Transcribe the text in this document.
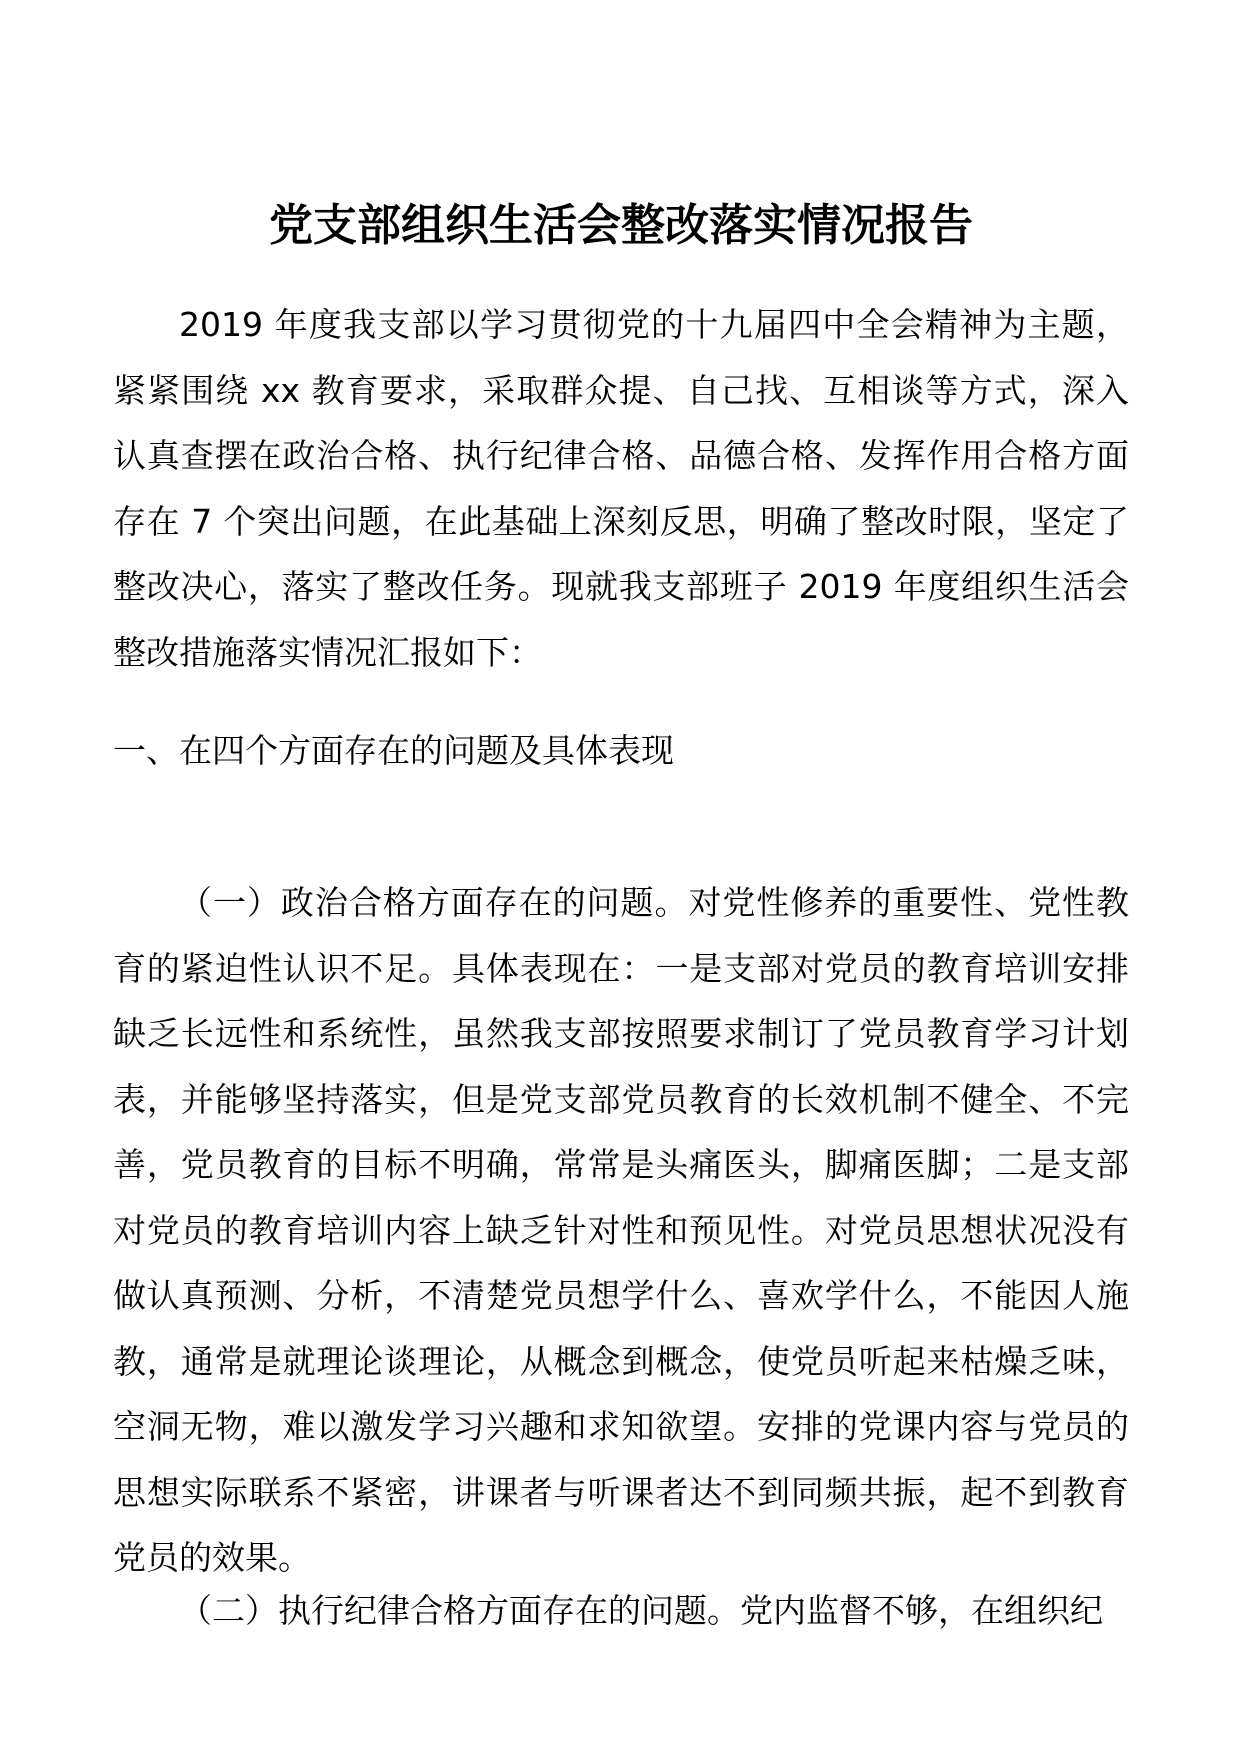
党支部组织生活会整改落实情况报告

2019 年度我支部以学习贯彻党的十九届四中全会精神为主题，紧紧围绕 xx 教育要求，采取群众提、自己找、互相谈等方式，深入认真查摆在政治合格、执行纪律合格、品德合格、发挥作用合格方面存在 7 个突出问题，在此基础上深刻反思，明确了整改时限，坚定了整改决心，落实了整改任务。现就我支部班子 2019 年度组织生活会整改措施落实情况汇报如下：

一、在四个方面存在的问题及具体表现

（一）政治合格方面存在的问题。对党性修养的重要性、党性教育的紧迫性认识不足。具体表现在：一是支部对党员的教育培训安排缺乏长远性和系统性，虽然我支部按照要求制订了党员教育学习计划表，并能够坚持落实，但是党支部党员教育的长效机制不健全、不完善，党员教育的目标不明确，常常是头痛医头，脚痛医脚；二是支部对党员的教育培训内容上缺乏针对性和预见性。对党员思想状况没有做认真预测、分析，不清楚党员想学什么、喜欢学什么，不能因人施教，通常是就理论谈理论，从概念到概念，使党员听起来枯燥乏味，空洞无物，难以激发学习兴趣和求知欲望。安排的党课内容与党员的思想实际联系不紧密，讲课者与听课者达不到同频共振，起不到教育党员的效果。

（二）执行纪律合格方面存在的问题。党内监督不够，在组织纪
